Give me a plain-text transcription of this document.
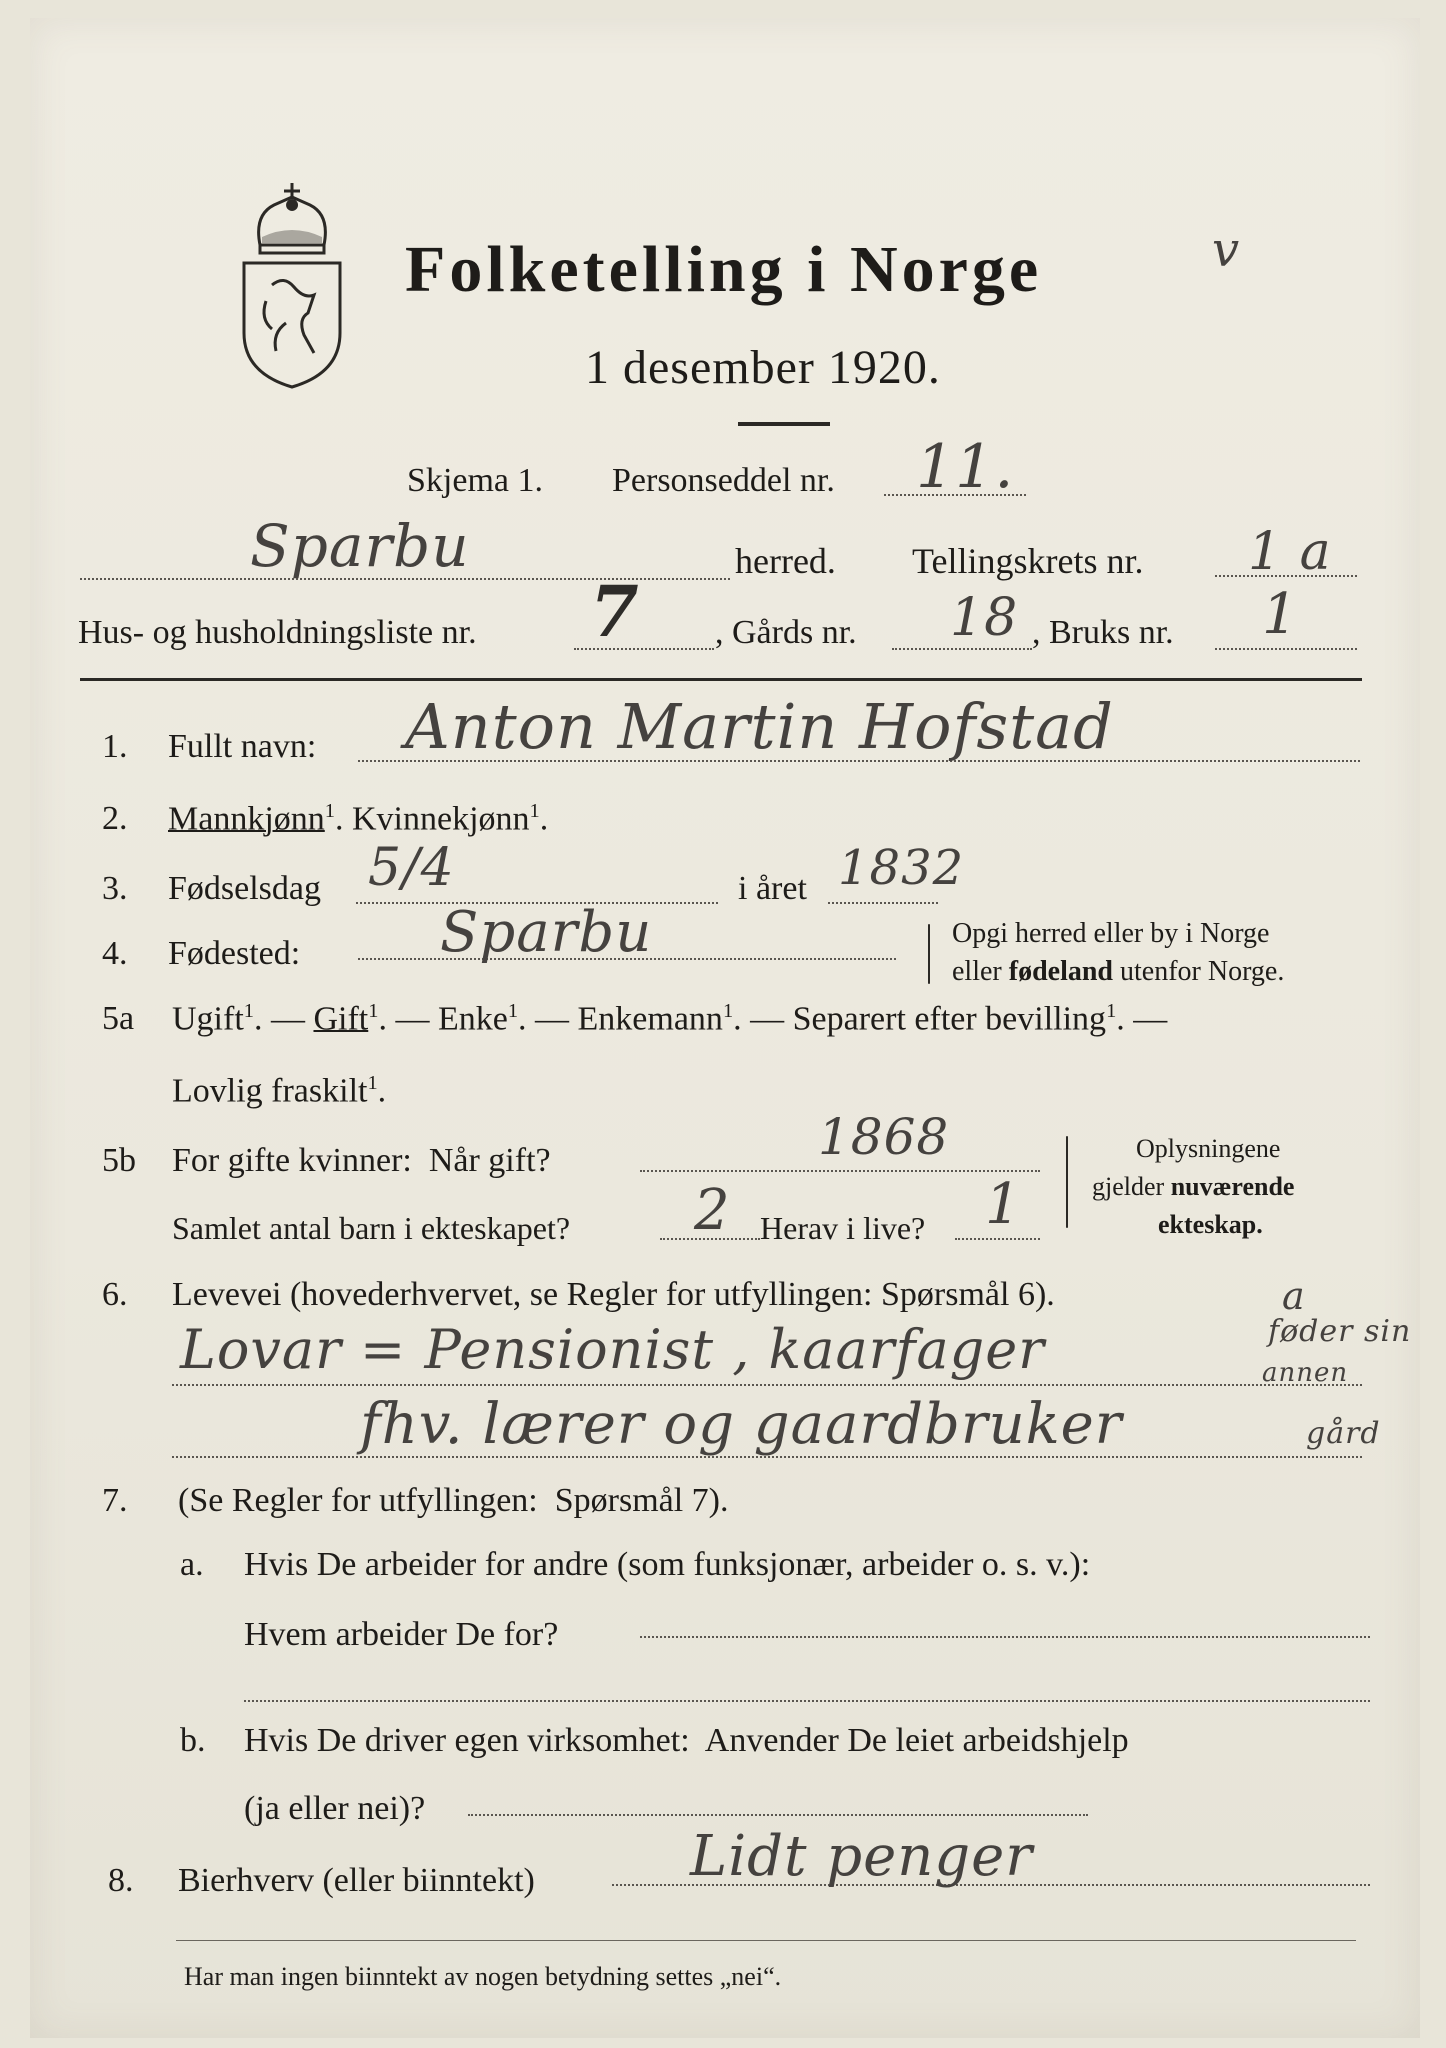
Folketelling i Norge	v
1 desember 1920.
Skjema 1. Personseddel nr. 11.
Sparbu	herred. Tellingskrets nr. 1 a
Hus- og husholdningsliste nr. 7 , Gårds nr. 18 , Bruks nr. 1
1. Fullt navn: Anton Martin Hofstad
2. Mannkjønn$^1$. Kvinnekjønn$^1$.
3. Fødselsdag 5/4	i året 1832
4. Fødested: Sparbu	Opgi herred eller by i Norge
eller fødeland utenfor Norge.
5a Ugift$^1$. — Gift$^1$. — Enke$^1$. — Enkemann$^1$. — Separert efter bevilling$^1$. —
Lovlig fraskilt$^1$.
5b For gifte kvinner:  Når gift?	1868
Samlet antal barn i ekteskapet? 2 Herav i live? 1
Oplysningene
gjelder nuværende
ekteskap.
6. Levevei (hovederhvervet, se Regler for utfyllingen: Spørsmål 6).
Lovar = Pensionist , kaarfager
fhv. lærer og gaardbruker
a
føder sin
annen
gård
7. (Se Regler for utfyllingen:  Spørsmål 7).
a. Hvis De arbeider for andre (som funksjonær, arbeider o. s. v.):
Hvem arbeider De for?
b. Hvis De driver egen virksomhet:  Anvender De leiet arbeidshjelp
(ja eller nei)?
8. Bierhverv (eller biinntekt)	Lidt penger
Har man ingen biinntekt av nogen betydning settes „nei“.
